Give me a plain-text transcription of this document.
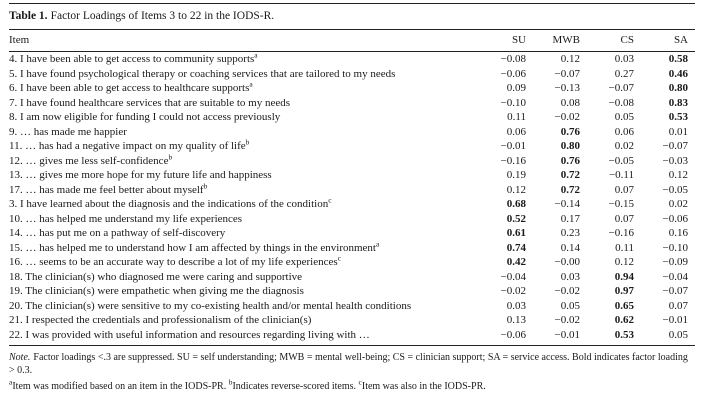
Table 1. Factor Loadings of Items 3 to 22 in the IODS-R.

Item	SU	MWB	CS	SA
4. I have been able to get access to community supports$^a$	−0.08	0.12	0.03	0.58
5. I have found psychological therapy or coaching services that are tailored to my needs	−0.06	−0.07	0.27	0.46
6. I have been able to get access to healthcare supports$^a$	0.09	−0.13	−0.07	0.80
7. I have found healthcare services that are suitable to my needs	−0.10	0.08	−0.08	0.83
8. I am now eligible for funding I could not access previously	0.11	−0.02	0.05	0.53
9. … has made me happier	0.06	0.76	0.06	0.01
11. … has had a negative impact on my quality of life$^b$	−0.01	0.80	0.02	−0.07
12. … gives me less self-confidence$^b$	−0.16	0.76	−0.05	−0.03
13. … gives me more hope for my future life and happiness	0.19	0.72	−0.11	0.12
17. … has made me feel better about myself$^b$	0.12	0.72	0.07	−0.05
3. I have learned about the diagnosis and the indications of the condition$^c$	0.68	−0.14	−0.15	0.02
10. … has helped me understand my life experiences	0.52	0.17	0.07	−0.06
14. … has put me on a pathway of self-discovery	0.61	0.23	−0.16	0.16
15. … has helped me to understand how I am affected by things in the environment$^a$	0.74	0.14	0.11	−0.10
16. … seems to be an accurate way to describe a lot of my life experiences$^c$	0.42	−0.00	0.12	−0.09
18. The clinician(s) who diagnosed me were caring and supportive	−0.04	0.03	0.94	−0.04
19. The clinician(s) were empathetic when giving me the diagnosis	−0.02	−0.02	0.97	−0.07
20. The clinician(s) were sensitive to my co-existing health and/or mental health conditions	0.03	0.05	0.65	0.07
21. I respected the credentials and professionalism of the clinician(s)	0.13	−0.02	0.62	−0.01
22. I was provided with useful information and resources regarding living with …	−0.06	−0.01	0.53	0.05

Note. Factor loadings <.3 are suppressed. SU = self understanding; MWB = mental well-being; CS = clinician support; SA = service access. Bold indicates factor loading > 0.3.

$^a$Item was modified based on an item in the IODS-PR. $^b$Indicates reverse-scored items. $^c$Item was also in the IODS-PR.
